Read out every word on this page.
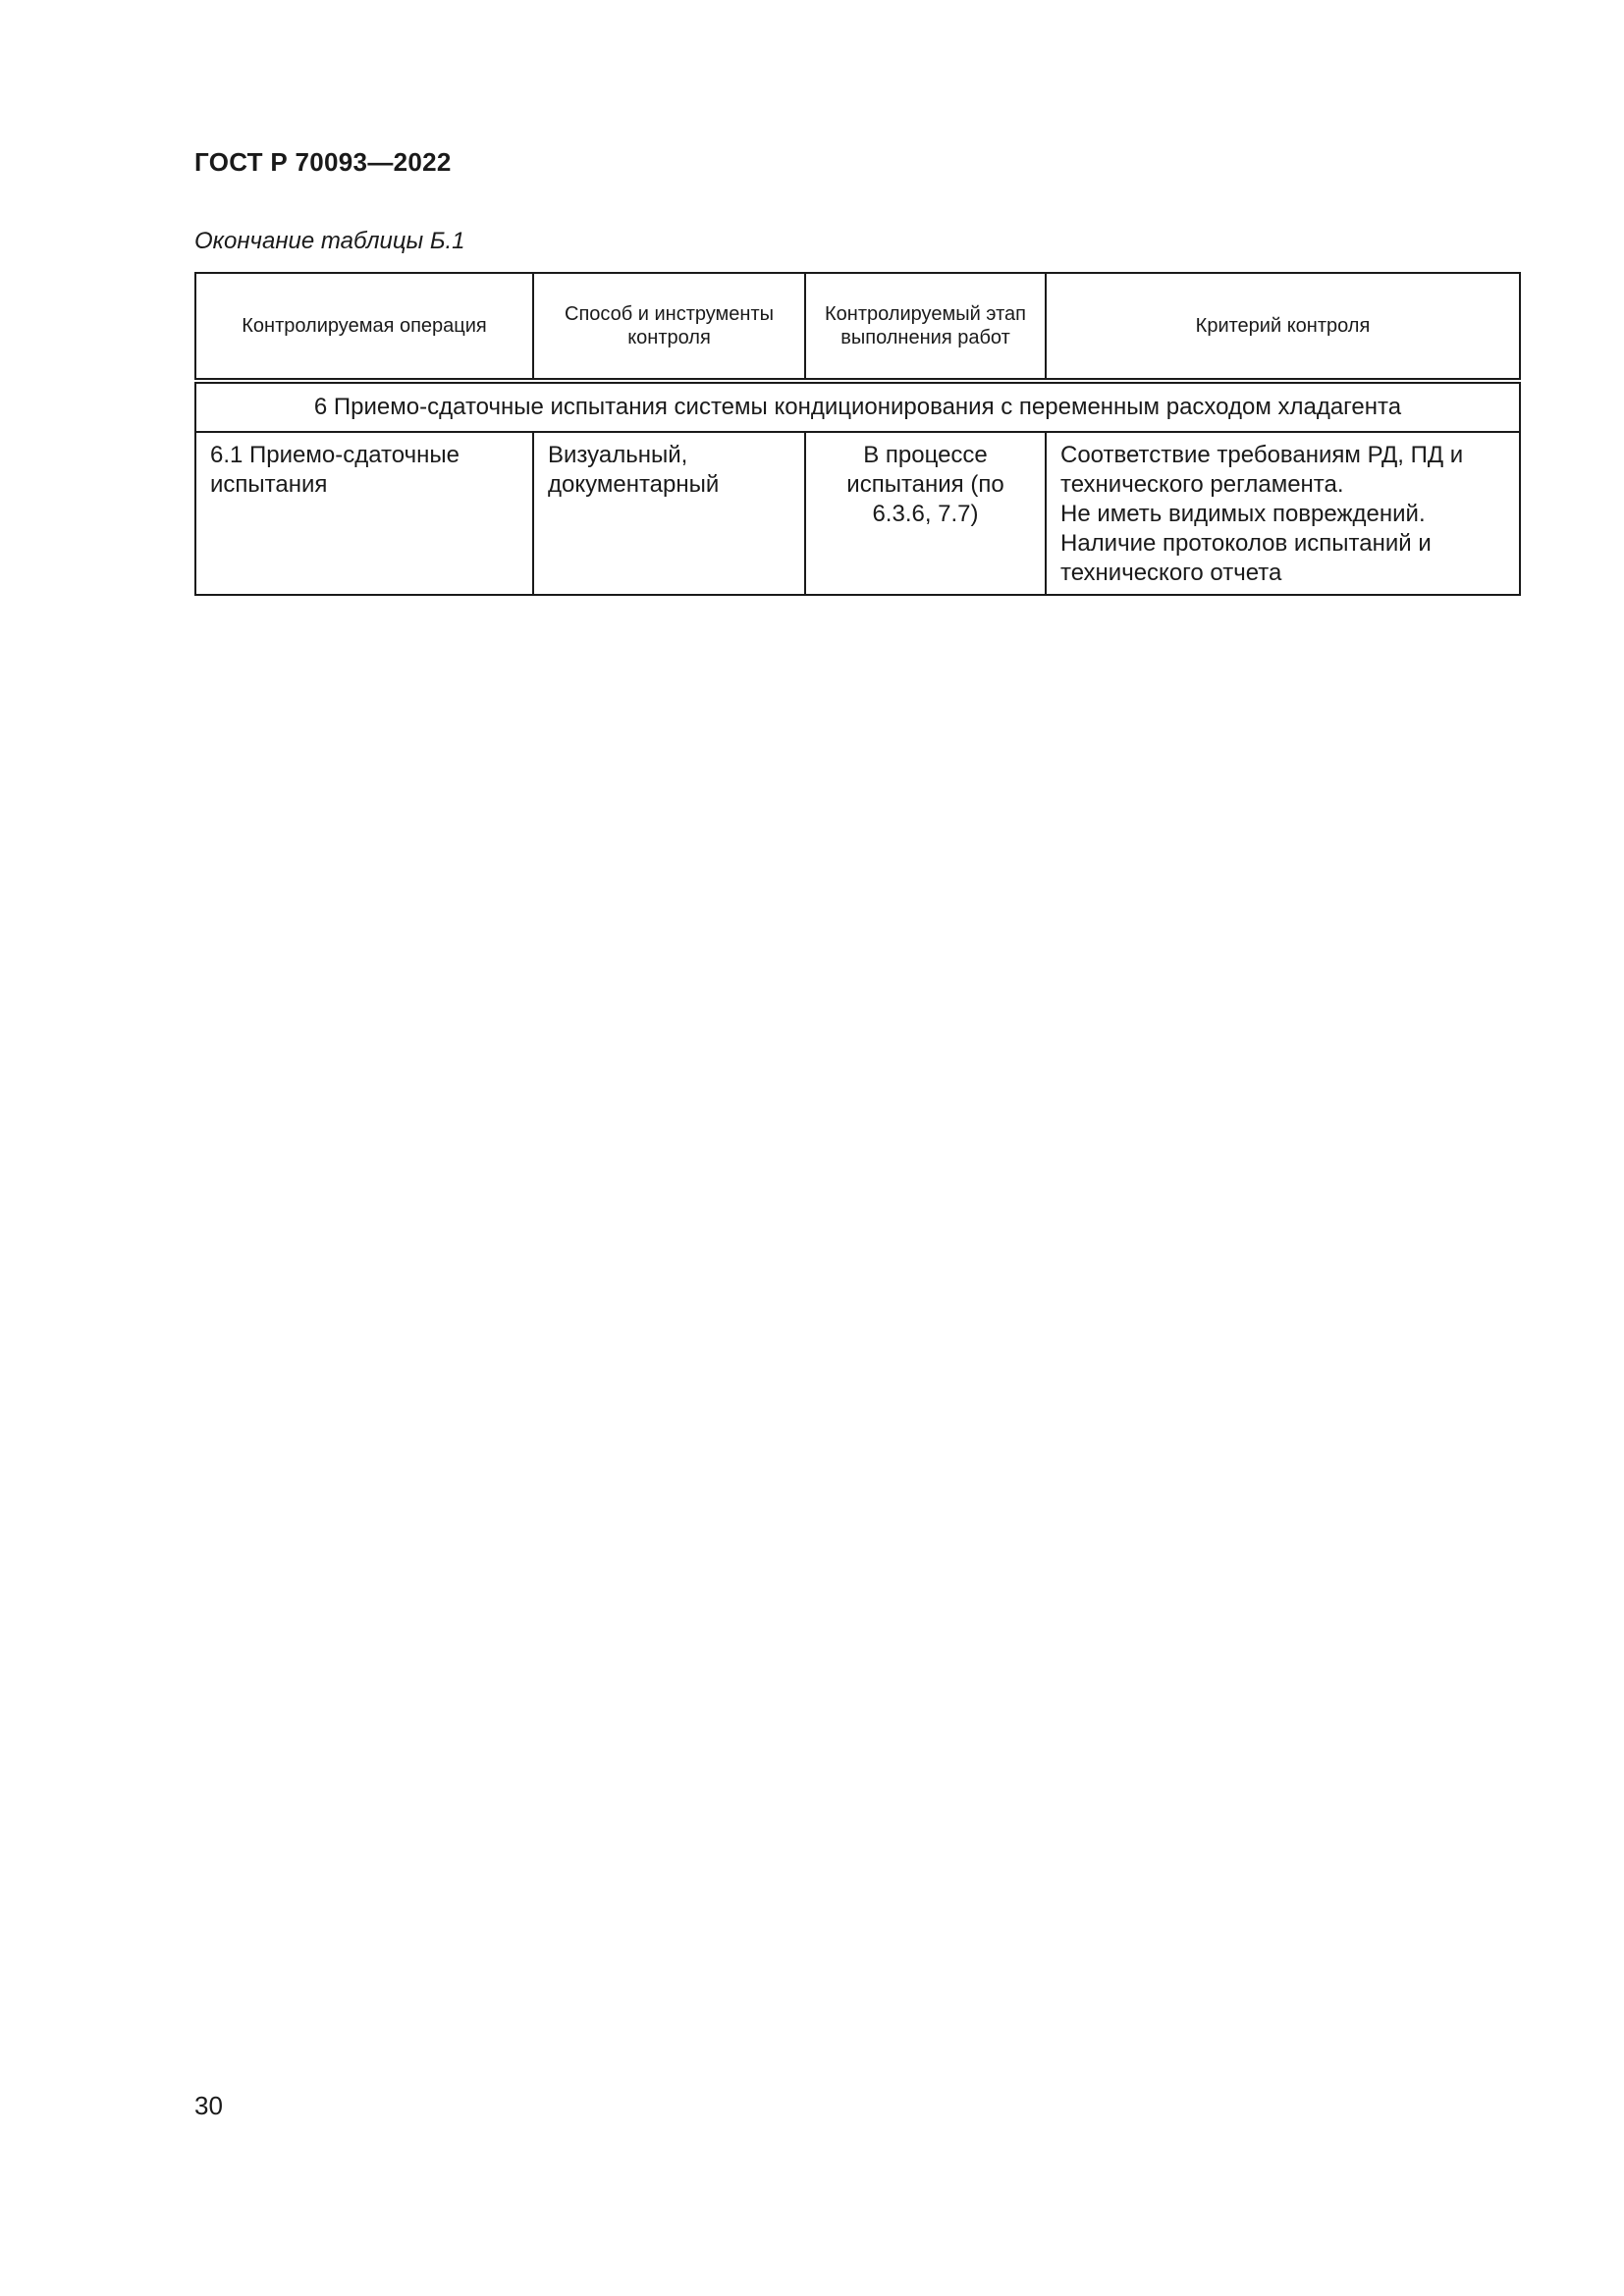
ГОСТ Р 70093—2022
Окончание таблицы Б.1
Контролируемая операция	Способ и инструменты контроля	Контролируемый этап выполнения работ	Критерий контроля
6 Приемо-сдаточные испытания системы кондиционирования с переменным расходом хладагента			
6.1 Приемо-сдаточные испытания	Визуальный, документарный	В процессе испытания (по 6.3.6, 7.7)	Соответствие требованиям РД, ПД и технического регламента.
Не иметь видимых повреждений.
Наличие протоколов испытаний и технического отчета
30
